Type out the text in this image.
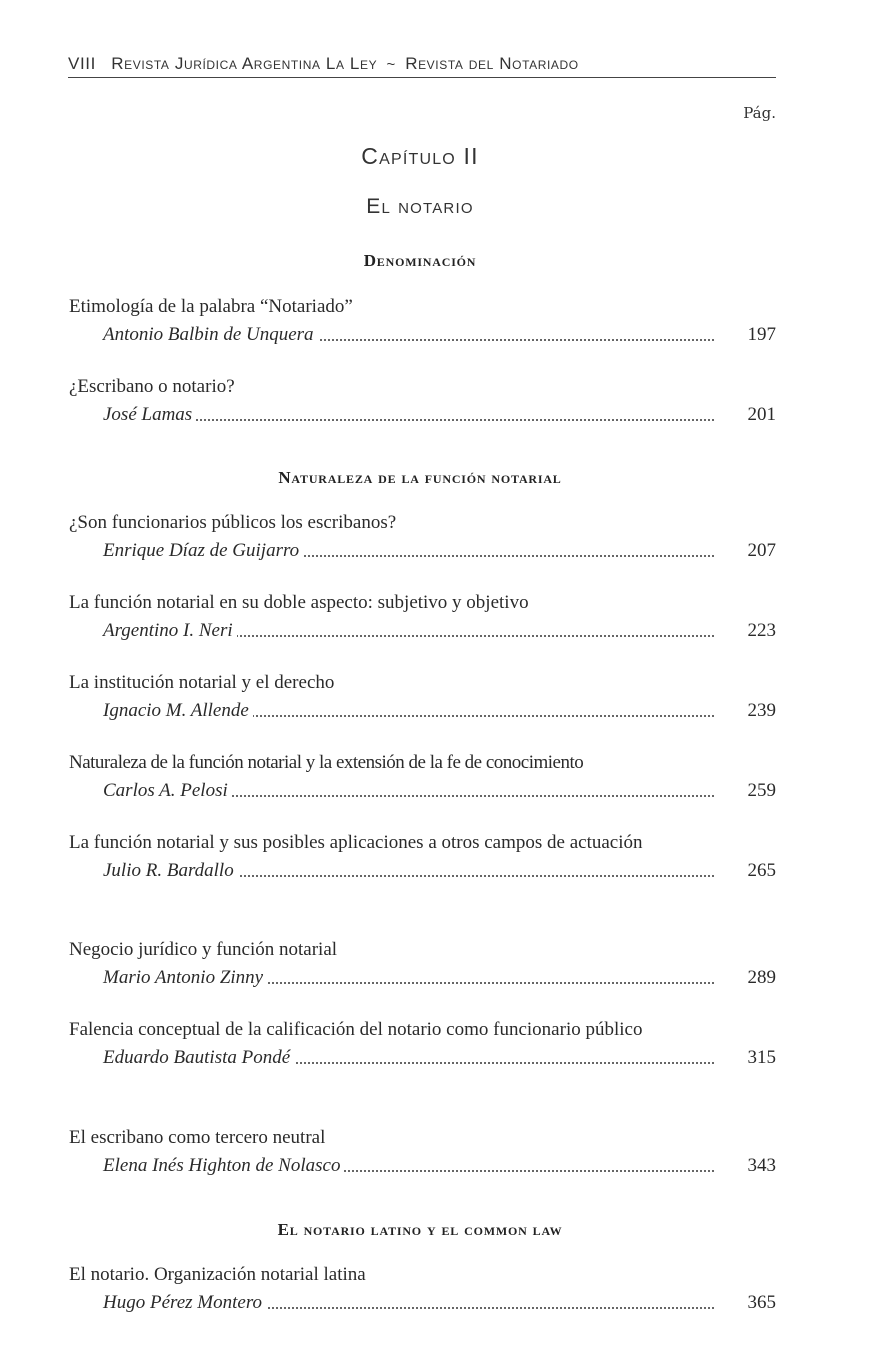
VIII Revista Jurídica Argentina La Ley ~ Revista del Notariado
Pág.
Capítulo II
El notario
Denominación
Etimología de la palabra “Notariado”
Antonio Balbin de Unquera	197
¿Escribano o notario?
José Lamas	201
Naturaleza de la función notarial
¿Son funcionarios públicos los escribanos?
Enrique Díaz de Guijarro	207
La función notarial en su doble aspecto: subjetivo y objetivo
Argentino I. Neri	223
La institución notarial y el derecho
Ignacio M. Allende	239
Naturaleza de la función notarial y la extensión de la fe de conocimiento
Carlos A. Pelosi	259
La función notarial y sus posibles aplicaciones a otros campos de actuación
Julio R. Bardallo	265
Negocio jurídico y función notarial
Mario Antonio Zinny	289
Falencia conceptual de la calificación del notario como funcionario público
Eduardo Bautista Pondé	315
El escribano como tercero neutral
Elena Inés Highton de Nolasco	343
El notario latino y el common law
El notario. Organización notarial latina
Hugo Pérez Montero	365
